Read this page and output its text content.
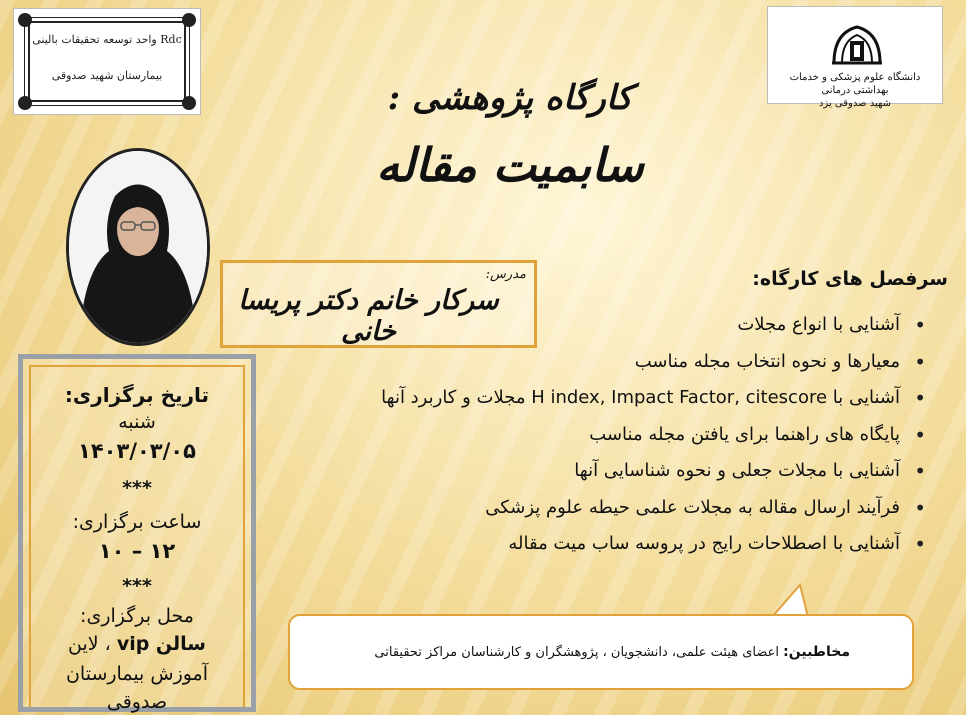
واحد توسعه تحقیقات بالینی Rdc
بیمارستان شهید صدوقی	دانشگاه علوم پزشکی و خدمات بهداشتی درمانی
شهید صدوقی یزد
کارگاه پژوهشی :
سابمیت مقاله
مدرس:
سرکار خانم دکتر پریسا خانی
تاریخ برگزاری:
شنبه
۱۴۰۳/۰۳/۰۵
***
ساعت برگزاری:
۱۲ – ۱۰
***
محل برگزاری:
سالن vip ، لاین
آموزش بیمارستان
صدوقی
سرفصل های کارگاه:
• آشنایی با انواع مجلات
• معیارها و نحوه انتخاب مجله مناسب
• آشنایی با H index, Impact Factor, citescore مجلات و کاربرد آنها
• پایگاه های راهنما برای یافتن مجله مناسب
• آشنایی با مجلات جعلی و نحوه شناسایی آنها
• فرآیند ارسال مقاله به مجلات علمی حیطه علوم پزشکی
• آشنایی با اصطلاحات رایج در پروسه ساب میت مقاله
مخاطبین: اعضای هیئت علمی، دانشجویان ، پژوهشگران و کارشناسان مراکز تحقیقاتی
